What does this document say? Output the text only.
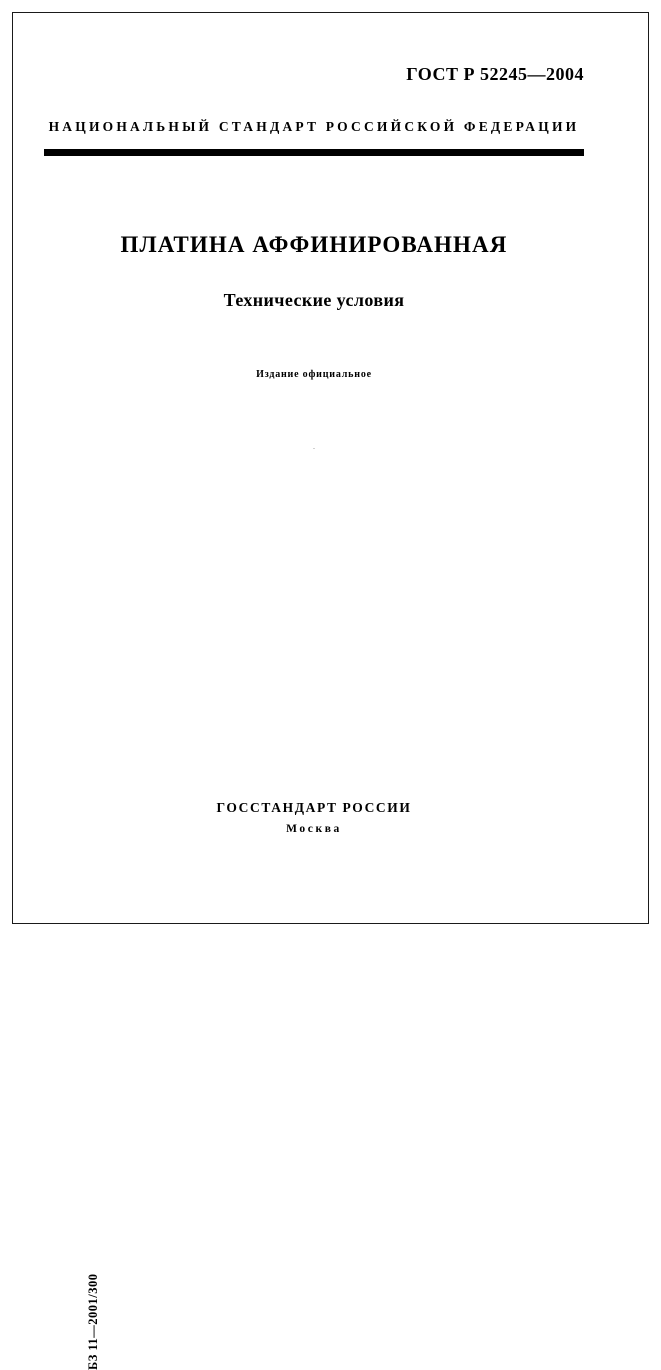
ГОСТ Р 52245—2004
НАЦИОНАЛЬНЫЙ СТАНДАРТ РОССИЙСКОЙ ФЕДЕРАЦИИ
ПЛАТИНА АФФИНИРОВАННАЯ
Технические условия
Издание официальное
.
БЗ 11—2001/300
ГОССТАНДАРТ РОССИИ
Москва
